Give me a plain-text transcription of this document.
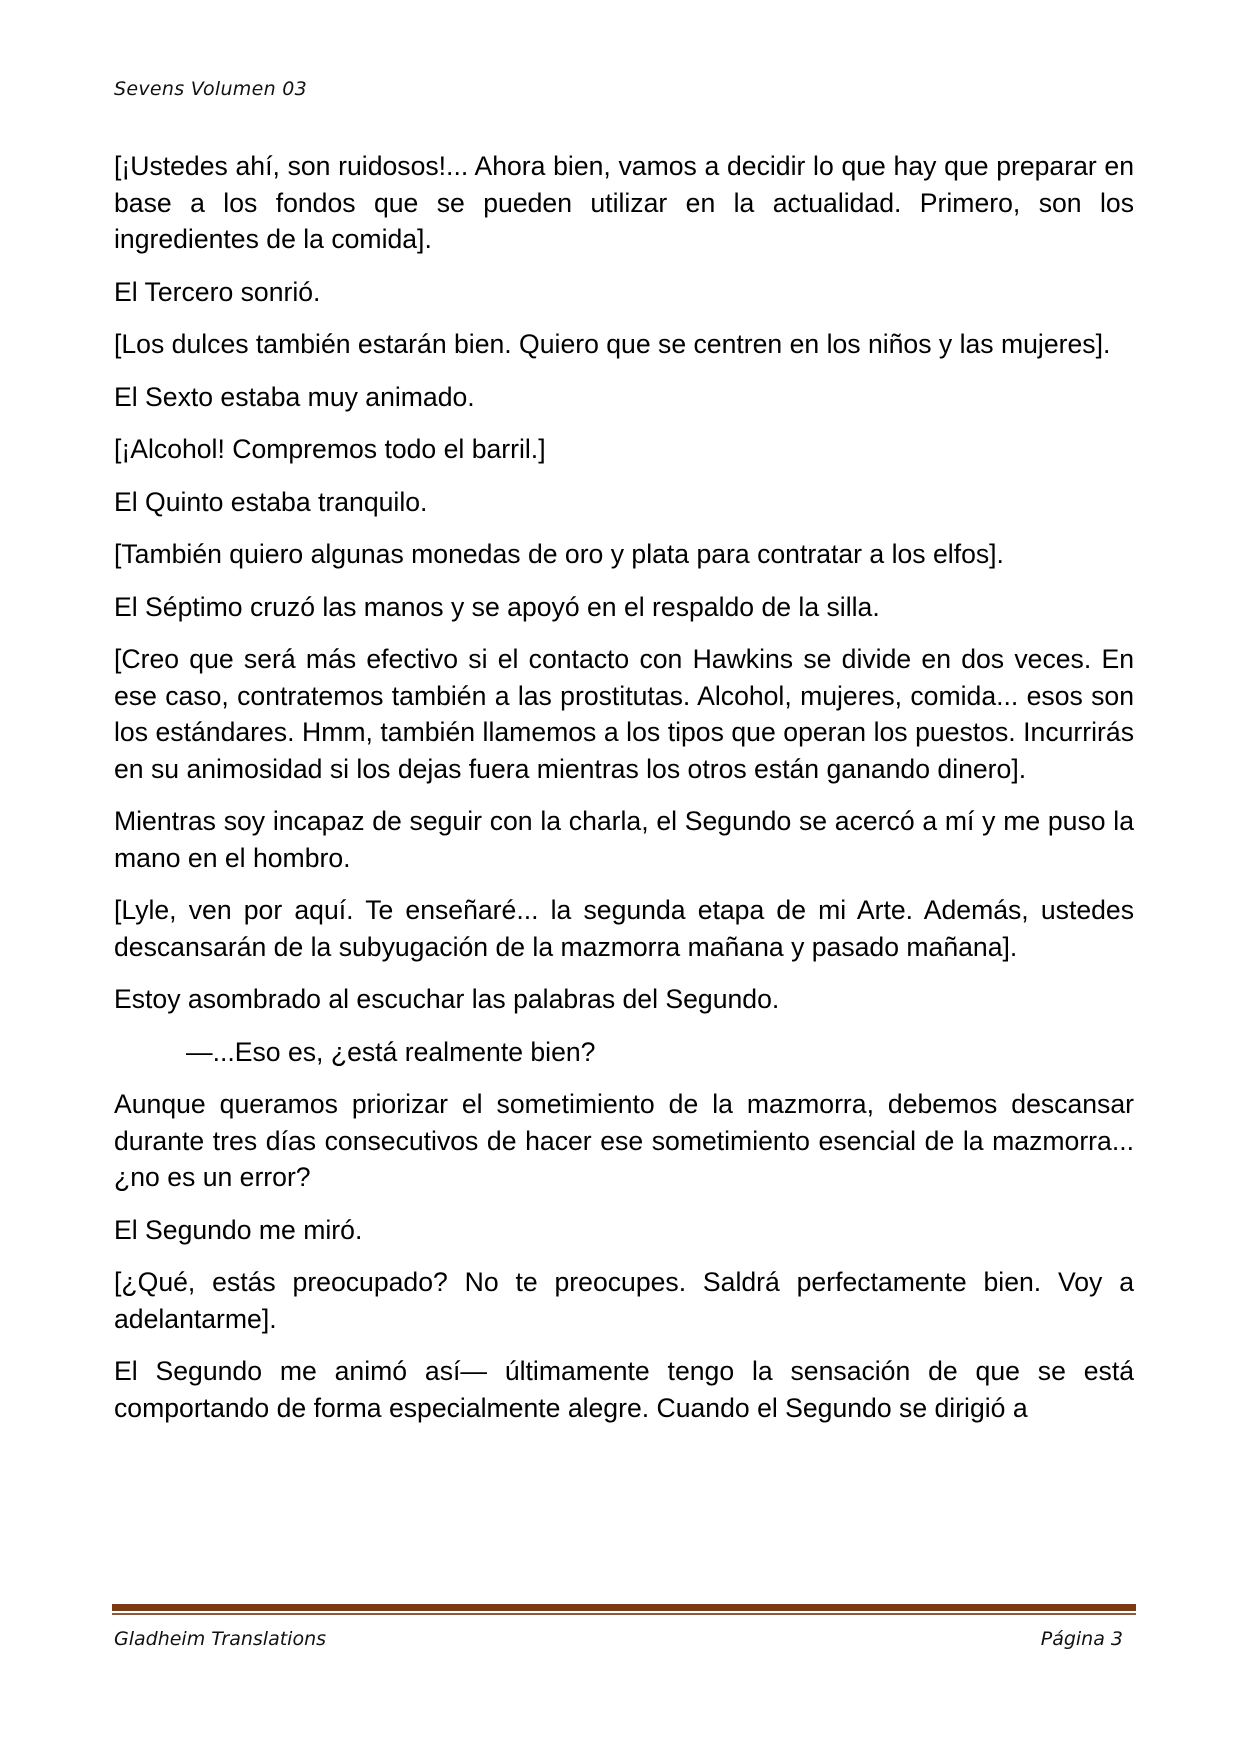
Sevens Volumen 03

[¡Ustedes ahí, son ruidosos!... Ahora bien, vamos a decidir lo que hay que preparar en base a los fondos que se pueden utilizar en la actualidad. Primero, son los ingredientes de la comida].

El Tercero sonrió.

[Los dulces también estarán bien. Quiero que se centren en los niños y las mujeres].

El Sexto estaba muy animado.

[¡Alcohol! Compremos todo el barril.]

El Quinto estaba tranquilo.

[También quiero algunas monedas de oro y plata para contratar a los elfos].

El Séptimo cruzó las manos y se apoyó en el respaldo de la silla.

[Creo que será más efectivo si el contacto con Hawkins se divide en dos veces. En ese caso, contratemos también a las prostitutas. Alcohol, mujeres, comida... esos son los estándares. Hmm, también llamemos a los tipos que operan los puestos. Incurrirás en su animosidad si los dejas fuera mientras los otros están ganando dinero].

Mientras soy incapaz de seguir con la charla, el Segundo se acercó a mí y me puso la mano en el hombro.

[Lyle, ven por aquí. Te enseñaré... la segunda etapa de mi Arte. Además, ustedes descansarán de la subyugación de la mazmorra mañana y pasado mañana].

Estoy asombrado al escuchar las palabras del Segundo.

—...Eso es, ¿está realmente bien?

Aunque queramos priorizar el sometimiento de la mazmorra, debemos descansar durante tres días consecutivos de hacer ese sometimiento esencial de la mazmorra... ¿no es un error?

El Segundo me miró.

[¿Qué, estás preocupado? No te preocupes. Saldrá perfectamente bien. Voy a adelantarme].

El Segundo me animó así— últimamente tengo la sensación de que se está comportando de forma especialmente alegre. Cuando el Segundo se dirigió a

Gladheim Translations	Página 3
